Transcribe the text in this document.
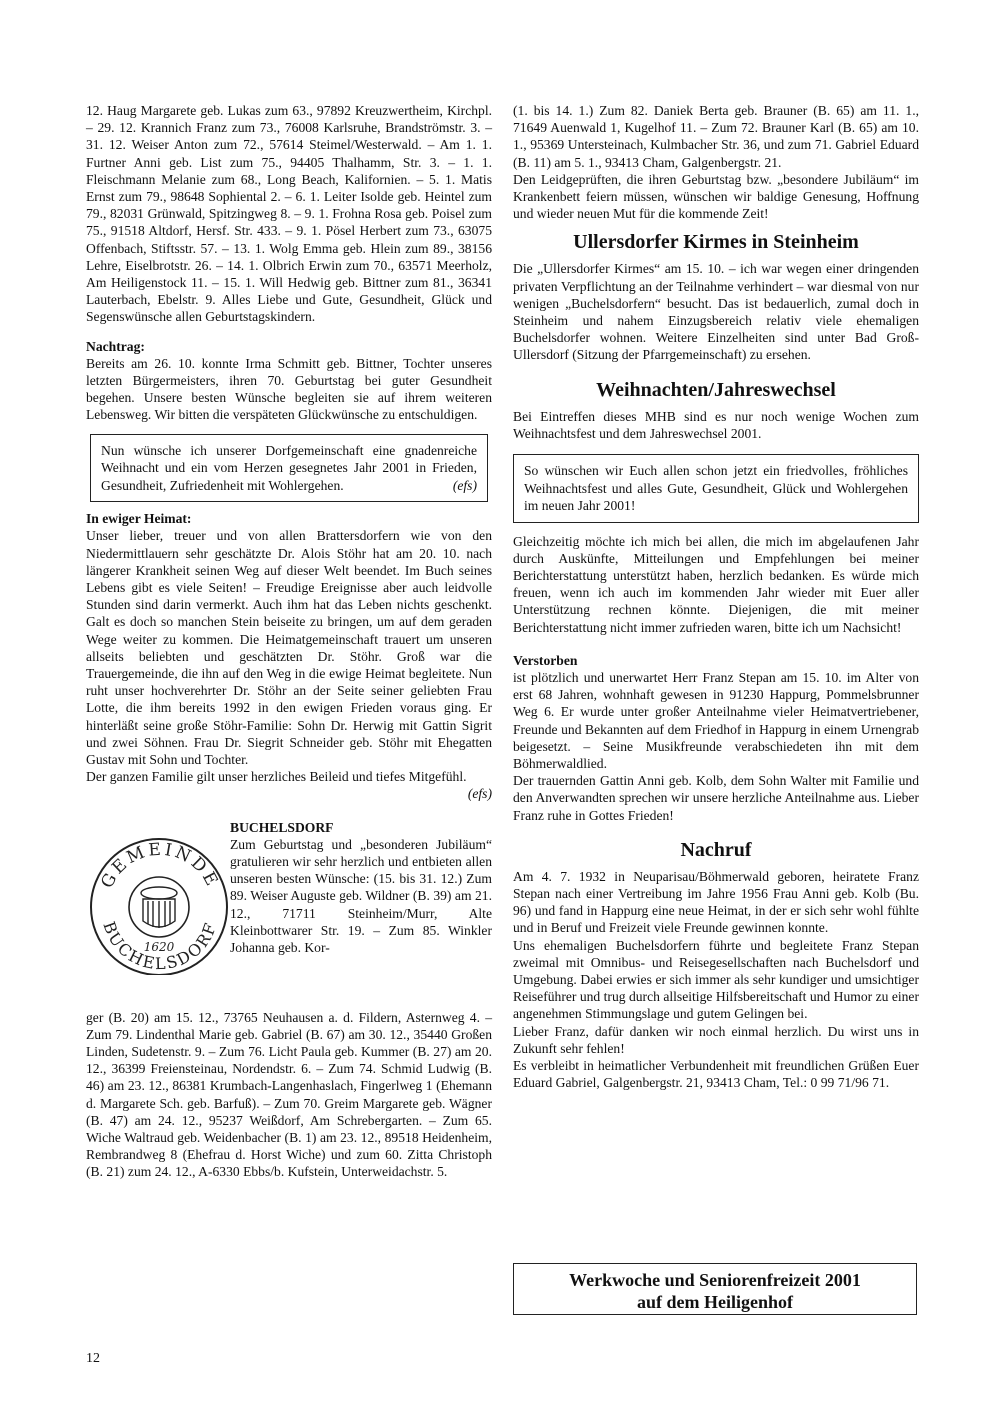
12. Haug Margarete geb. Lukas zum 63., 97892 Kreuzwertheim, Kirchpl. – 29. 12. Krannich Franz zum 73., 76008 Karlsruhe, Brandströmstr. 3. – 31. 12. Weiser Anton zum 72., 57614 Steimel/Westerwald. – Am 1. 1. Furtner Anni geb. List zum 75., 94405 Thalhamm, Str. 3. – 1. 1. Fleischmann Melanie zum 68., Long Beach, Kalifornien. – 5. 1. Matis Ernst zum 79., 98648 Sophiental 2. – 6. 1. Leiter Isolde geb. Heintel zum 79., 82031 Grünwald, Spitzingweg 8. – 9. 1. Frohna Rosa geb. Poisel zum 75., 91518 Altdorf, Hersf. Str. 433. – 9. 1. Pösel Herbert zum 73., 63075 Offenbach, Stiftsstr. 57. – 13. 1. Wolg Emma geb. Hlein zum 89., 38156 Lehre, Eiselbrotstr. 26. – 14. 1. Olbrich Erwin zum 70., 63571 Meerholz, Am Heiligenstock 11. – 15. 1. Will Hedwig geb. Bittner zum 81., 36341 Lauterbach, Ebelstr. 9. Alles Liebe und Gute, Gesundheit, Glück und Segenswünsche allen Geburtstagskindern.

Nachtrag:

Bereits am 26. 10. konnte Irma Schmitt geb. Bittner, Tochter unseres letzten Bürgermeisters, ihren 70. Geburtstag bei guter Gesundheit begehen. Unsere besten Wünsche begleiten sie auf ihrem weiteren Lebensweg. Wir bitten die verspäteten Glückwünsche zu entschuldigen.

Nun wünsche ich unserer Dorfgemeinschaft eine gnadenreiche Weihnacht und ein vom Herzen gesegnetes Jahr 2001 in Frieden, Gesundheit, Zufriedenheit mit Wohlergehen.	(efs)

In ewiger Heimat:

Unser lieber, treuer und von allen Brattersdorfern wie von den Niedermittlauern sehr geschätzte Dr. Alois Stöhr hat am 20. 10. nach längerer Krankheit seinen Weg auf dieser Welt beendet. Im Buch seines Lebens gibt es viele Seiten! – Freudige Ereignisse aber auch leidvolle Stunden sind darin vermerkt. Auch ihm hat das Leben nichts geschenkt. Galt es doch so manchen Stein beiseite zu bringen, um auf dem geraden Wege weiter zu kommen. Die Heimatgemeinschaft trauert um unseren allseits beliebten und geschätzten Dr. Stöhr. Groß war die Trauergemeinde, die ihn auf den Weg in die ewige Heimat begleitete. Nun ruht unser hochverehrter Dr. Stöhr an der Seite seiner geliebten Frau Lotte, die ihm bereits 1992 in den ewigen Frieden voraus ging. Er hinterläßt seine große Stöhr-Familie: Sohn Dr. Herwig mit Gattin Sigrit und zwei Söhnen. Frau Dr. Siegrit Schneider geb. Stöhr mit Ehegatten Gustav mit Sohn und Tochter.

Der ganzen Familie gilt unser herzliches Beileid und tiefes Mitgefühl.

(efs)

GEMEINDE
BUCHELSDORF
1620

BUCHELSDORF

Zum Geburtstag und „besonderen Jubiläum“ gratulieren wir sehr herzlich und entbieten allen unseren besten Wünsche: (15. bis 31. 12.) Zum 89. Weiser Auguste geb. Wildner (B. 39) am 21. 12., 71711 Steinheim/Murr, Alte Kleinbottwarer Str. 19. – Zum 85. Winkler Johanna geb. Kor-

ger (B. 20) am 15. 12., 73765 Neuhausen a. d. Fildern, Asternweg 4. – Zum 79. Lindenthal Marie geb. Gabriel (B. 67) am 30. 12., 35440 Großen Linden, Sudetenstr. 9. – Zum 76. Licht Paula geb. Kummer (B. 27) am 20. 12., 36399 Freiensteinau, Nordendstr. 6. – Zum 74. Schmid Ludwig (B. 46) am 23. 12., 86381 Krumbach-Langenhaslach, Fingerlweg 1 (Ehemann d. Margarete Sch. geb. Barfuß). – Zum 70. Greim Margarete geb. Wägner (B. 47) am 24. 12., 95237 Weißdorf, Am Schrebergarten. – Zum 65. Wiche Waltraud geb. Weidenbacher (B. 1) am 23. 12., 89518 Heidenheim, Rembrandweg 8 (Ehefrau d. Horst Wiche) und zum 60. Zitta Christoph (B. 21) zum 24. 12., A-6330 Ebbs/b. Kufstein, Unterweidachstr. 5.

(1. bis 14. 1.) Zum 82. Daniek Berta geb. Brauner (B. 65) am 11. 1., 71649 Auenwald 1, Kugelhof 11. – Zum 72. Brauner Karl (B. 65) am 10. 1., 95369 Untersteinach, Kulmbacher Str. 36, und zum 71. Gabriel Eduard (B. 11) am 5. 1., 93413 Cham, Galgenbergstr. 21.

Den Leidgeprüften, die ihren Geburtstag bzw. „besondere Jubiläum“ im Krankenbett feiern müssen, wünschen wir baldige Genesung, Hoffnung und wieder neuen Mut für die kommende Zeit!

Ullersdorfer Kirmes in Steinheim

Die „Ullersdorfer Kirmes“ am 15. 10. – ich war wegen einer dringenden privaten Verpflichtung an der Teilnahme verhindert – war diesmal von nur wenigen „Buchelsdorfern“ besucht. Das ist bedauerlich, zumal doch in Steinheim und nahem Einzugsbereich relativ viele ehemaligen Buchelsdorfer wohnen. Weitere Einzelheiten sind unter Bad Groß-Ullersdorf (Sitzung der Pfarrgemeinschaft) zu ersehen.

Weihnachten/Jahreswechsel

Bei Eintreffen dieses MHB sind es nur noch wenige Wochen zum Weihnachtsfest und dem Jahreswechsel 2001.

So wünschen wir Euch allen schon jetzt ein friedvolles, fröhliches Weihnachtsfest und alles Gute, Gesundheit, Glück und Wohlergehen im neuen Jahr 2001!

Gleichzeitig möchte ich mich bei allen, die mich im abgelaufenen Jahr durch Auskünfte, Mitteilungen und Empfehlungen bei meiner Berichterstattung unterstützt haben, herzlich bedanken. Es würde mich freuen, wenn ich auch im kommenden Jahr wieder mit Euer aller Unterstützung rechnen könnte. Diejenigen, die mit meiner Berichterstattung nicht immer zufrieden waren, bitte ich um Nachsicht!

Verstorben

ist plötzlich und unerwartet Herr Franz Stepan am 15. 10. im Alter von erst 68 Jahren, wohnhaft gewesen in 91230 Happurg, Pommelsbrunner Weg 6. Er wurde unter großer Anteilnahme vieler Heimatvertriebener, Freunde und Bekannten auf dem Friedhof in Happurg in einem Urnengrab beigesetzt. – Seine Musikfreunde verabschiedeten ihn mit dem Böhmerwaldlied.

Der trauernden Gattin Anni geb. Kolb, dem Sohn Walter mit Familie und den Anverwandten sprechen wir unsere herzliche Anteilnahme aus. Lieber Franz ruhe in Gottes Frieden!

Nachruf

Am 4. 7. 1932 in Neuparisau/Böhmerwald geboren, heiratete Franz Stepan nach einer Vertreibung im Jahre 1956 Frau Anni geb. Kolb (Bu. 96) und fand in Happurg eine neue Heimat, in der er sich sehr wohl fühlte und in Beruf und Freizeit viele Freunde gewinnen konnte.

Uns ehemaligen Buchelsdorfern führte und begleitete Franz Stepan zweimal mit Omnibus- und Reisegesellschaften nach Buchelsdorf und Umgebung. Dabei erwies er sich immer als sehr kundiger und umsichtiger Reiseführer und trug durch allseitige Hilfsbereitschaft und Humor zu einer angenehmen Stimmungslage und gutem Gelingen bei.

Lieber Franz, dafür danken wir noch einmal herzlich. Du wirst uns in Zukunft sehr fehlen!

Es verbleibt in heimatlicher Verbundenheit mit freundlichen Grüßen Euer Eduard Gabriel, Galgenbergstr. 21, 93413 Cham, Tel.: 0 99 71/96 71.

Werkwoche und Seniorenfreizeit 2001
auf dem Heiligenhof
12
